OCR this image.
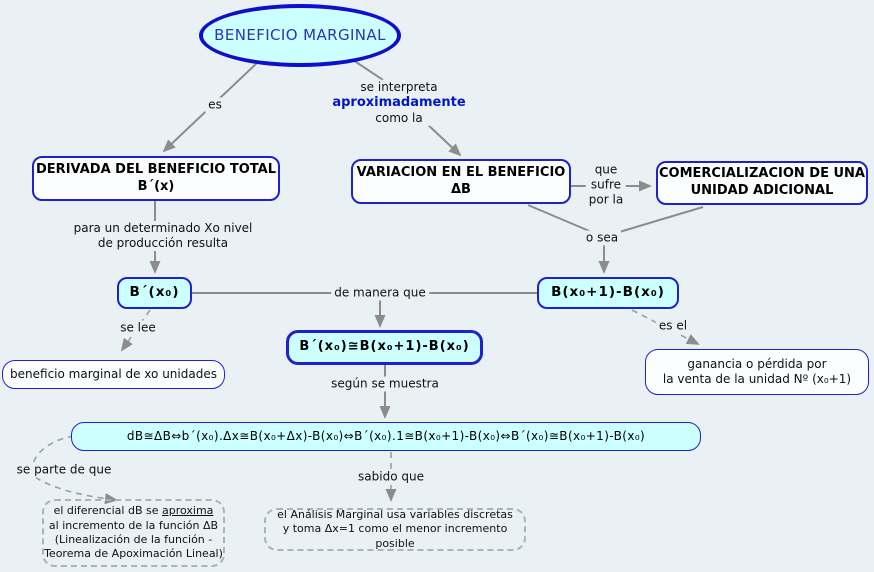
BENEFICIO MARGINAL
DERIVADA DEL BENEFICIO TOTAL
B´(x)
VARIACION EN EL BENEFICIO
ΔB
COMERCIALIZACION DE UNA
UNIDAD ADICIONAL
B´(x₀)	B(x₀+1)-B(x₀)
B´(x₀)≅B(x₀+1)-B(x₀)
beneficio marginal de xo unidades
ganancia o pérdida por
la venta de la unidad Nº (x₀+1)
dB≅ΔB⇔b´(x₀).Δx≅B(x₀+Δx)-B(x₀)⇔B´(x₀).1≅B(x₀+1)-B(x₀)⇔B´(x₀)≅B(x₀+1)-B(x₀)
el diferencial dB se aproxima
al incremento de la función ΔB
(Linealización de la función -
Teorema de Apoximación Lineal)
el Análisis Marginal usa variables discretas
y toma Δx=1 como el menor incremento posible
es
se interpreta
aproximadamente
como la
que
sufre
por la
o sea
para un determinado Xo nivel
de producción resulta
de manera que
se lee	es el
según se muestra
se parte de que	sabido que
